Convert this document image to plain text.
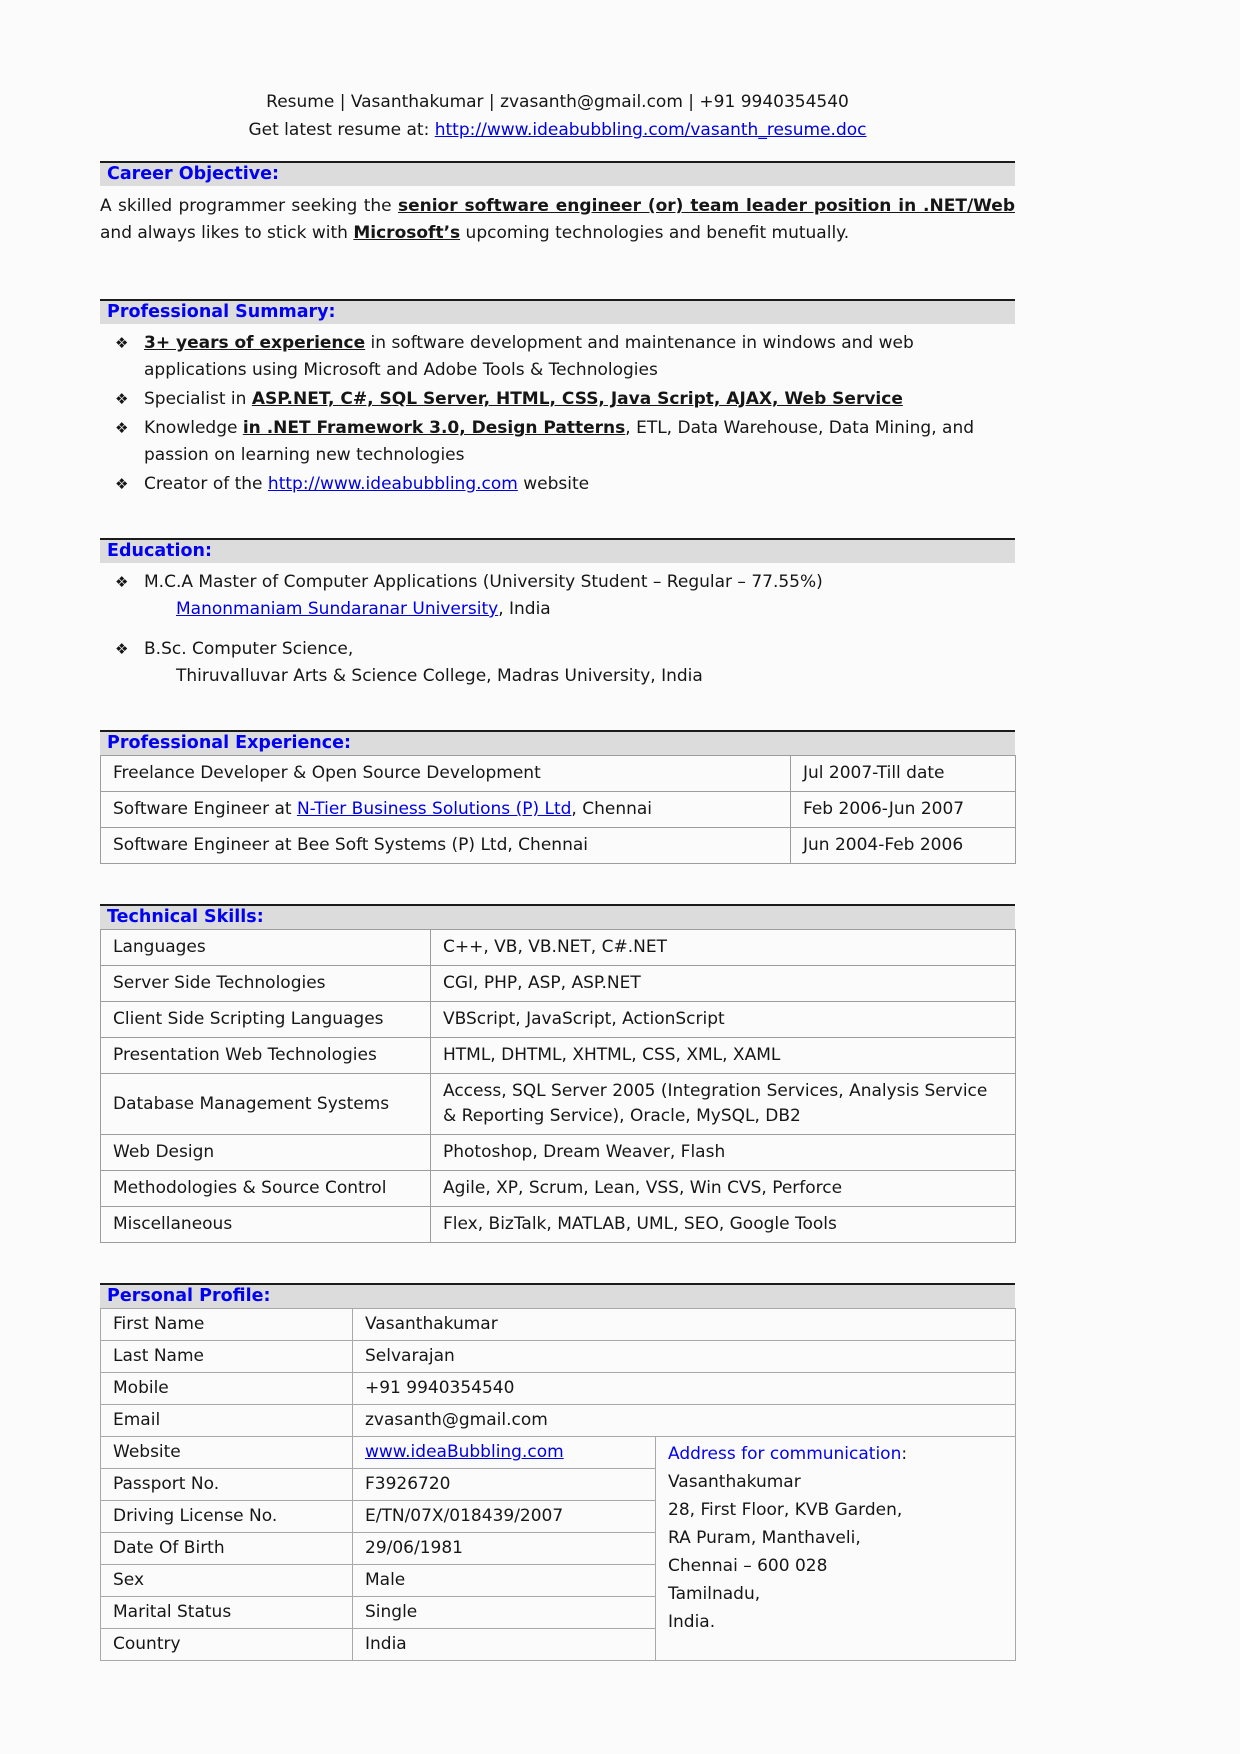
Resume | Vasanthakumar | zvasanth@gmail.com | +91 9940354540
Get latest resume at: http://www.ideabubbling.com/vasanth_resume.doc
Career Objective:

A skilled programmer seeking the senior software engineer (or) team leader position in .NET/Web and always likes to stick with Microsoft’s upcoming technologies and benefit mutually.

Professional Summary:
❖ 3+ years of experience in software development and maintenance in windows and web applications using Microsoft and Adobe Tools & Technologies
❖ Specialist in ASP.NET, C#, SQL Server, HTML, CSS, Java Script, AJAX, Web Service
❖ Knowledge in .NET Framework 3.0, Design Patterns, ETL, Data Warehouse, Data Mining, and passion on learning new technologies
❖ Creator of the http://www.ideabubbling.com website
Education:
❖ M.C.A Master of Computer Applications (University Student – Regular – 77.55%)
Manonmaniam Sundaranar University, India
❖ B.Sc. Computer Science,
Thiruvalluvar Arts & Science College, Madras University, India
Professional Experience:
Freelance Developer & Open Source Development	Jul 2007-Till date
Software Engineer at N-Tier Business Solutions (P) Ltd, Chennai	Feb 2006-Jun 2007
Software Engineer at Bee Soft Systems (P) Ltd, Chennai	Jun 2004-Feb 2006
Technical Skills:
Languages	C++, VB, VB.NET, C#.NET
Server Side Technologies	CGI, PHP, ASP, ASP.NET
Client Side Scripting Languages	VBScript, JavaScript, ActionScript
Presentation Web Technologies	HTML, DHTML, XHTML, CSS, XML, XAML
Database Management Systems	Access, SQL Server 2005 (Integration Services, Analysis Service & Reporting Service), Oracle, MySQL, DB2
Web Design	Photoshop, Dream Weaver, Flash
Methodologies & Source Control	Agile, XP, Scrum, Lean, VSS, Win CVS, Perforce
Miscellaneous	Flex, BizTalk, MATLAB, UML, SEO, Google Tools
Personal Profile:
First Name	Vasanthakumar	
Last Name	Selvarajan	
Mobile	+91 9940354540	
Email	zvasanth@gmail.com	
Website	www.ideaBubbling.com	Address for communication:
Vasanthakumar
28, First Floor, KVB Garden,
RA Puram, Manthaveli,
Chennai – 600 028
Tamilnadu,
India.

Passport No.	F3926720	
Driving License No.	E/TN/07X/018439/2007	
Date Of Birth	29/06/1981	
Sex	Male	
Marital Status	Single	
Country	India	
